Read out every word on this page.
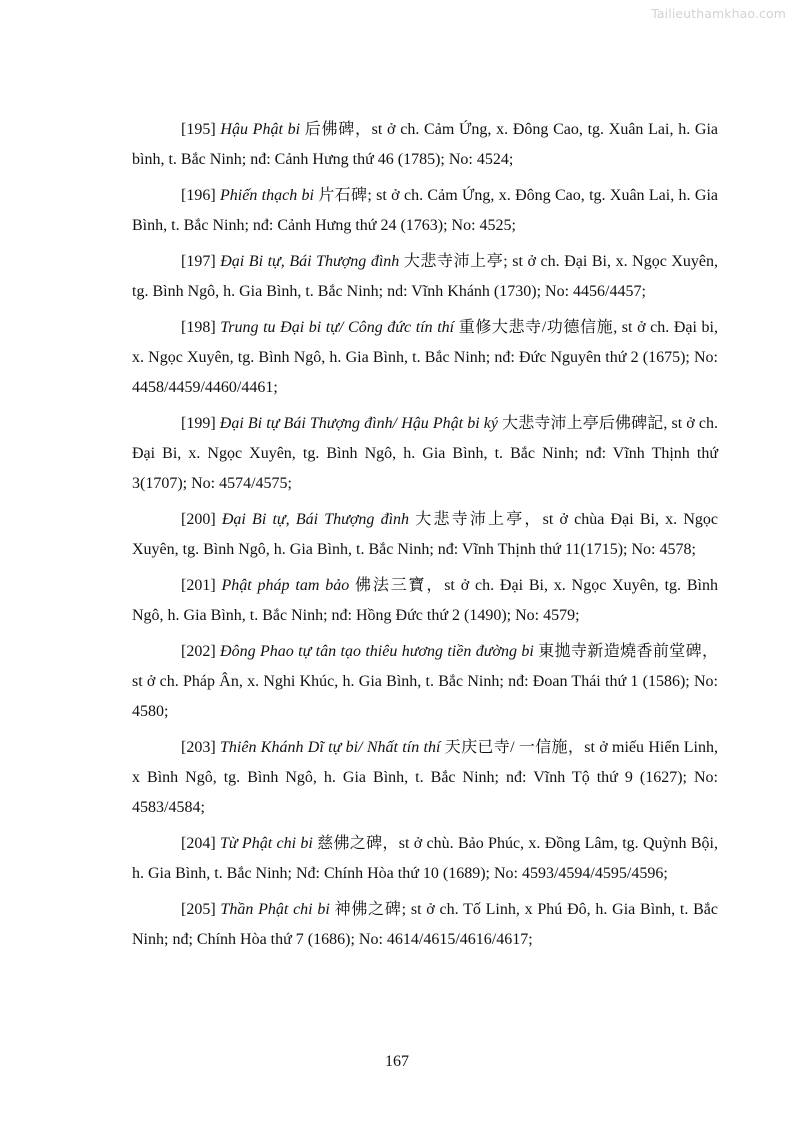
Tailieuthamkhao.com

[195] Hậu Phật bi 后佛碑，st ở ch. Cảm Ứng, x. Đông Cao, tg. Xuân Lai, h. Gia bình, t. Bắc Ninh; nđ: Cảnh Hưng thứ 46 (1785); No: 4524;

[196] Phiến thạch bi 片石碑; st ở ch. Cảm Ứng, x. Đông Cao, tg. Xuân Lai, h. Gia Bình, t. Bắc Ninh; nđ: Cảnh Hưng thứ 24 (1763); No: 4525;

[197] Đại Bi tự, Bái Thượng đình 大悲寺沛上亭; st ở ch. Đại Bi, x. Ngọc Xuyên, tg. Bình Ngô, h. Gia Bình, t. Bắc Ninh; nd: Vĩnh Khánh (1730); No: 4456/4457;

[198] Trung tu Đại bi tự/ Công đức tín thí 重修大悲寺/功德信施, st ở ch. Đại bi, x. Ngọc Xuyên, tg. Bình Ngô, h. Gia Bình, t. Bắc Ninh; nđ: Đức Nguyên thứ 2 (1675); No: 4458/4459/4460/4461;

[199] Đại Bi tự Bái Thượng đình/ Hậu Phật bi ký 大悲寺沛上亭后佛碑記, st ở ch. Đại Bi, x. Ngọc Xuyên, tg. Bình Ngô, h. Gia Bình, t. Bắc Ninh; nđ: Vĩnh Thịnh thứ 3(1707); No: 4574/4575;

[200] Đại Bi tự, Bái Thượng đình 大悲寺沛上亭，st ở chùa Đại Bi, x. Ngọc Xuyên, tg. Bình Ngô, h. Gia Bình, t. Bắc Ninh; nđ: Vĩnh Thịnh thứ 11(1715); No: 4578;

[201] Phật pháp tam bảo 佛法三寶，st ở ch. Đại Bi, x. Ngọc Xuyên, tg. Bình Ngô, h. Gia Bình, t. Bắc Ninh; nđ: Hồng Đức thứ 2 (1490); No: 4579;

[202] Đông Phao tự tân tạo thiêu hương tiền đường bi 東拋寺新造燒香前堂碑， st ở ch. Pháp Ân, x. Nghi Khúc, h. Gia Bình, t. Bắc Ninh; nđ: Đoan Thái thứ 1 (1586); No: 4580;

[203] Thiên Khánh Dĩ tự bi/ Nhất tín thí 天庆已寺/ 一信施，st ở miếu Hiển Linh, x Bình Ngô, tg. Bình Ngô, h. Gia Bình, t. Bắc Ninh; nđ: Vĩnh Tộ thứ 9 (1627); No: 4583/4584;

[204] Từ Phật chi bi 慈佛之碑，st ở chù. Bảo Phúc, x. Đồng Lâm, tg. Quỳnh Bội, h. Gia Bình, t. Bắc Ninh; Nđ: Chính Hòa thứ 10 (1689); No: 4593/4594/4595/4596;

[205] Thần Phật chi bi 神佛之碑; st ở ch. Tố Linh, x Phú Đô, h. Gia Bình, t. Bắc Ninh; nđ; Chính Hòa thứ 7 (1686); No: 4614/4615/4616/4617;

167
